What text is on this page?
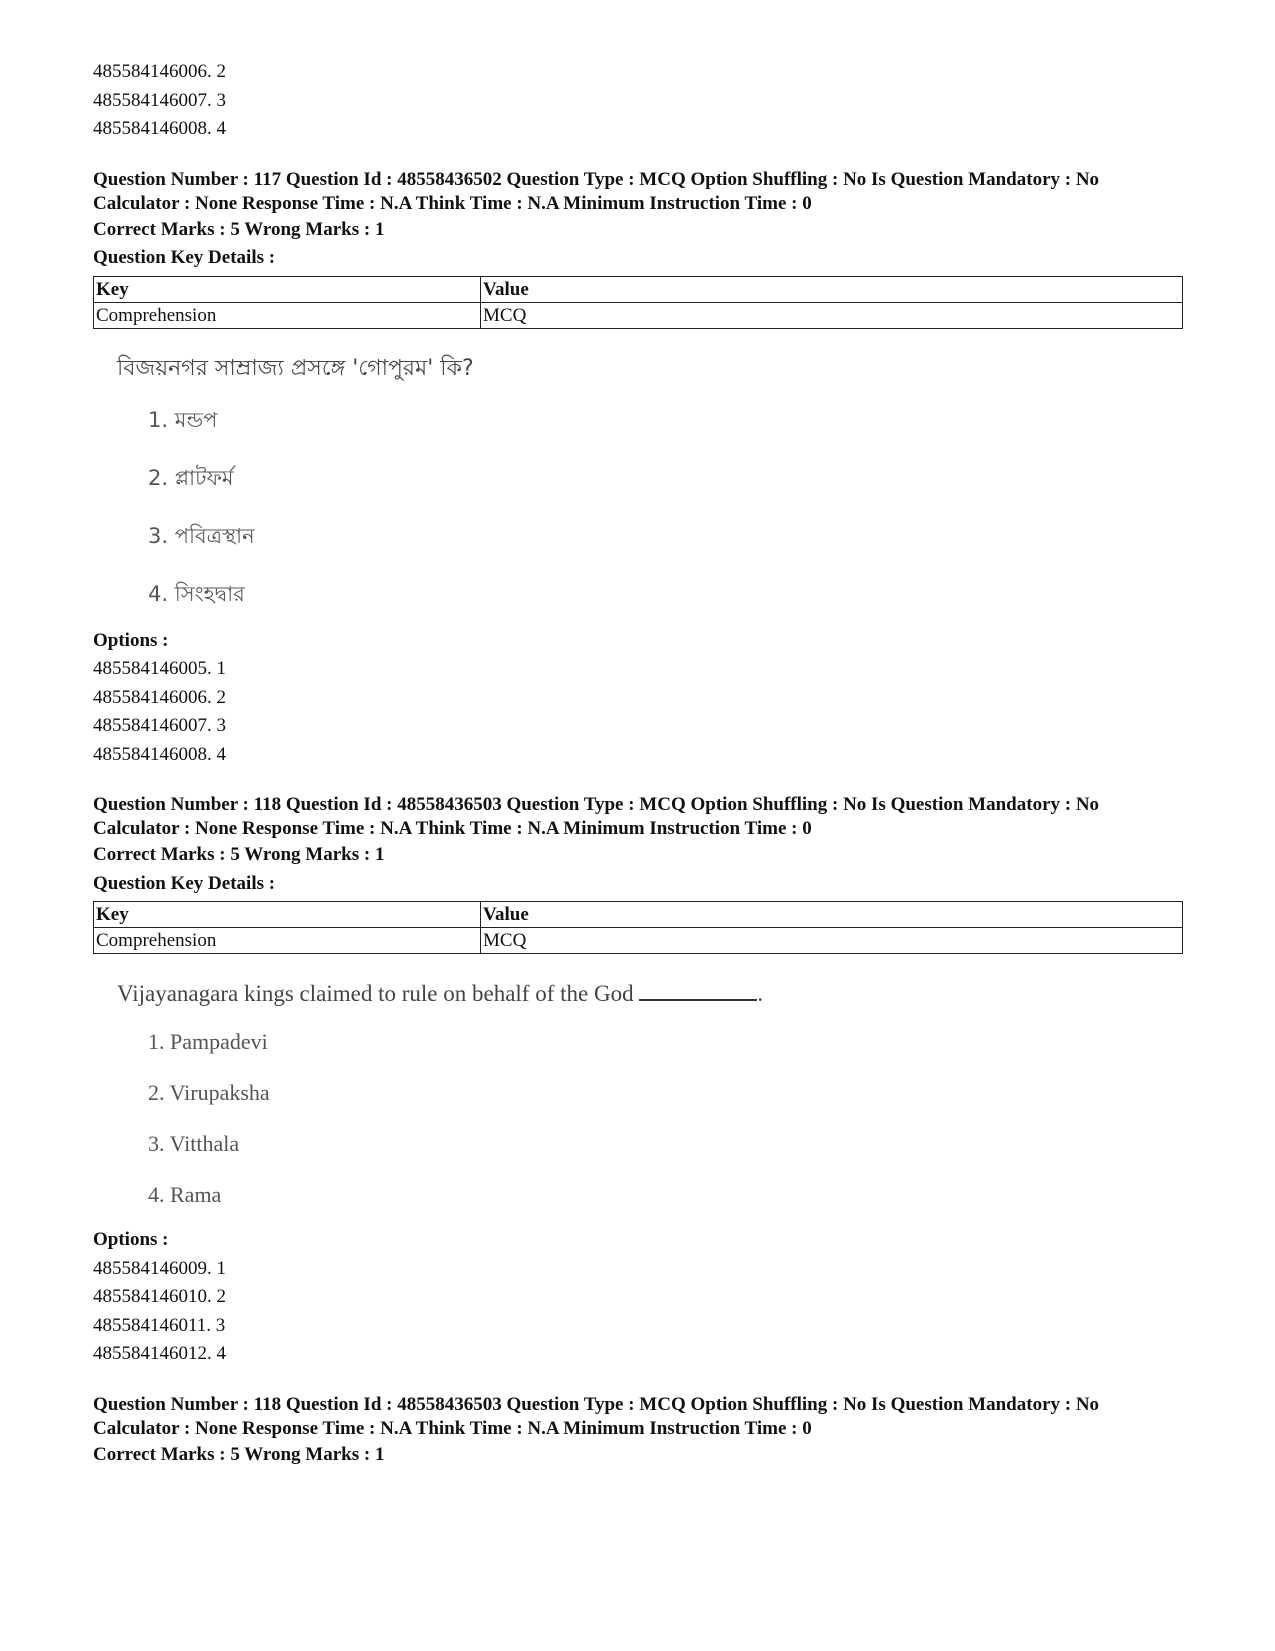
485584146006. 2
485584146007. 3
485584146008. 4
Question Number : 117 Question Id : 48558436502 Question Type : MCQ Option Shuffling : No Is Question Mandatory : No Calculator : None Response Time : N.A Think Time : N.A Minimum Instruction Time : 0
Correct Marks : 5 Wrong Marks : 1
Question Key Details :
Key	Value
Comprehension	MCQ
বিজয়নগর সাম্রাজ্য প্রসঙ্গে 'গোপুরম' কি?
1. মন্ডপ
2. প্লাটফর্ম
3. পবিত্রস্থান
4. সিংহদ্বার
Options :
485584146005. 1
485584146006. 2
485584146007. 3
485584146008. 4
Question Number : 118 Question Id : 48558436503 Question Type : MCQ Option Shuffling : No Is Question Mandatory : No Calculator : None Response Time : N.A Think Time : N.A Minimum Instruction Time : 0
Correct Marks : 5 Wrong Marks : 1
Question Key Details :
Key	Value
Comprehension	MCQ
Vijayanagara kings claimed to rule on behalf of the God	.
1. Pampadevi
2. Virupaksha
3. Vitthala
4. Rama
Options :
485584146009. 1
485584146010. 2
485584146011. 3
485584146012. 4
Question Number : 118 Question Id : 48558436503 Question Type : MCQ Option Shuffling : No Is Question Mandatory : No Calculator : None Response Time : N.A Think Time : N.A Minimum Instruction Time : 0
Correct Marks : 5 Wrong Marks : 1
